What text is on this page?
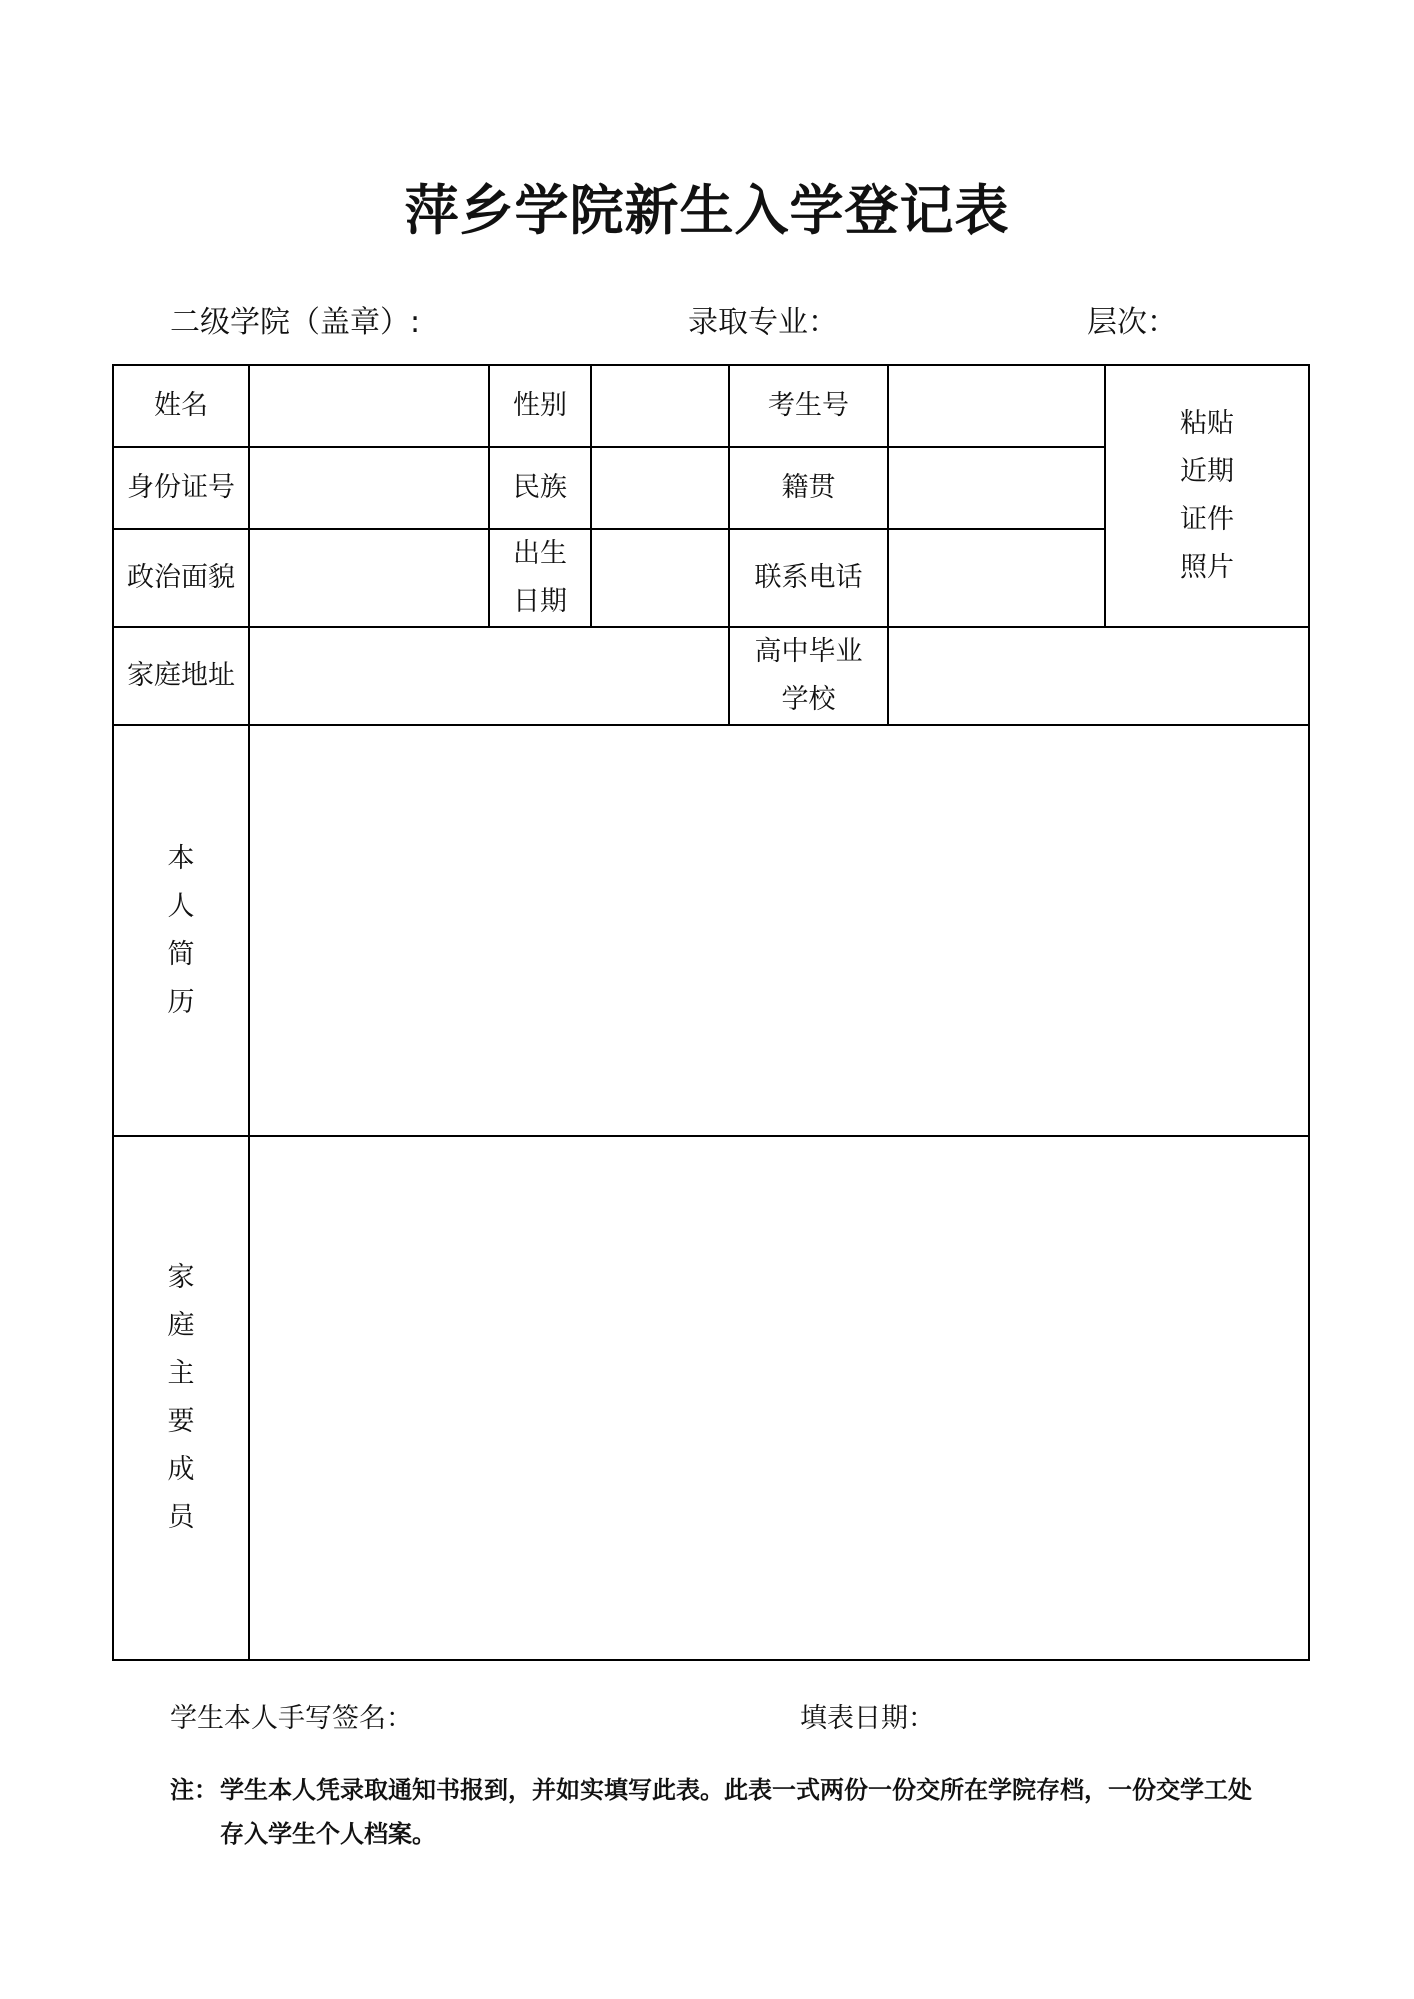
萍乡学院新生入学登记表
二级学院（盖章）:	录取专业：	层次：
姓名		性别		考生号		粘贴近期证件照片
身份证号		民族		籍贯		
政治面貌		出生日期		联系电话		
家庭地址				高中毕业学校		
本人简历						
家庭主要成员						
学生本人手写签名：	填表日期：
注： 学生本人凭录取通知书报到，并如实填写此表。此表一式两份一份交所在学院存档，一份交学工处存入学生个人档案。
